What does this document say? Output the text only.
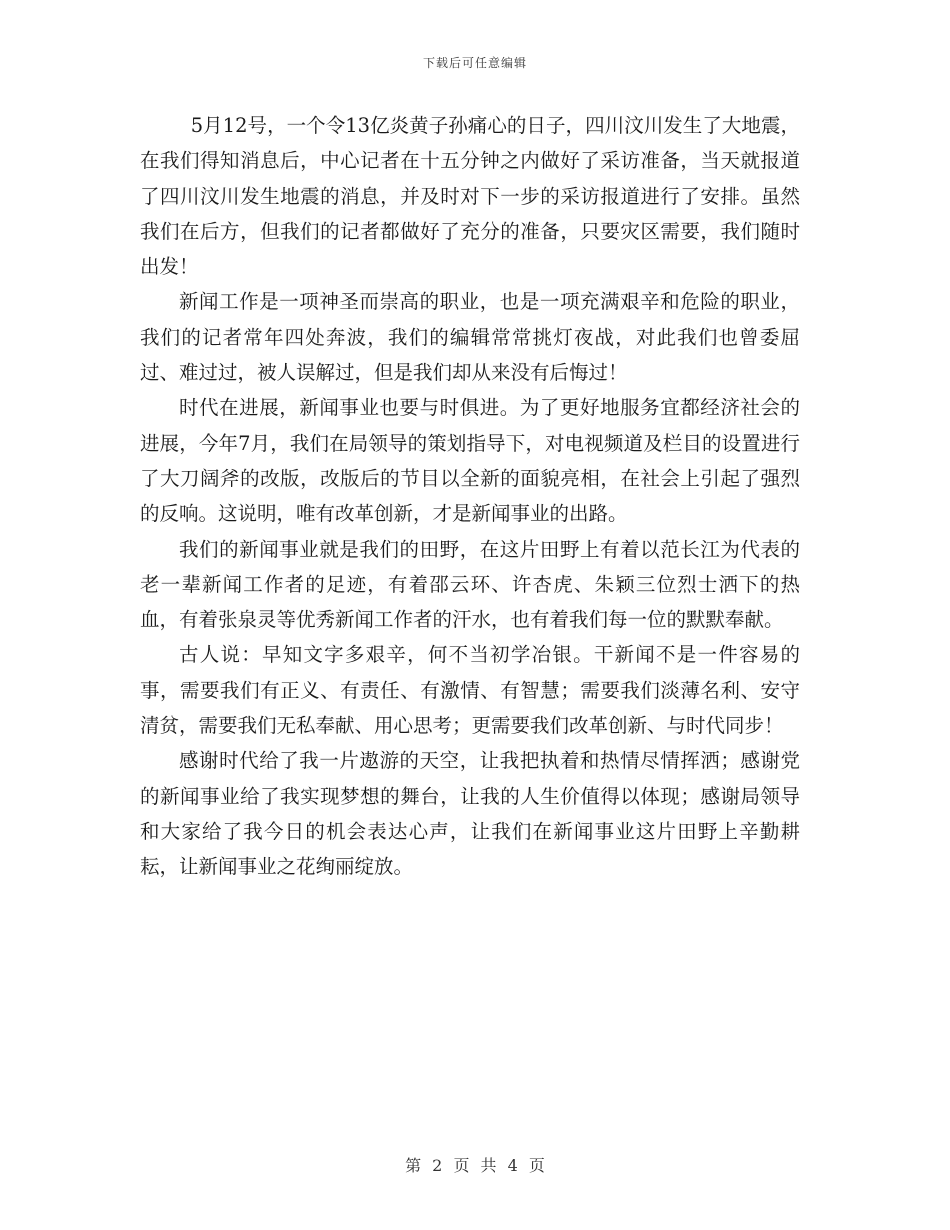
下载后可任意编辑

5月12号，一个令13亿炎黄子孙痛心的日子，四川汶川发生了大地震，在我们得知消息后，中心记者在十五分钟之内做好了采访准备，当天就报道了四川汶川发生地震的消息，并及时对下一步的采访报道进行了安排。虽然我们在后方，但我们的记者都做好了充分的准备，只要灾区需要，我们随时出发！

新闻工作是一项神圣而崇高的职业，也是一项充满艰辛和危险的职业，我们的记者常年四处奔波，我们的编辑常常挑灯夜战，对此我们也曾委屈过、难过过，被人误解过，但是我们却从来没有后悔过！

时代在进展，新闻事业也要与时俱进。为了更好地服务宜都经济社会的进展，今年7月，我们在局领导的策划指导下，对电视频道及栏目的设置进行了大刀阔斧的改版，改版后的节目以全新的面貌亮相，在社会上引起了强烈的反响。这说明，唯有改革创新，才是新闻事业的出路。

我们的新闻事业就是我们的田野，在这片田野上有着以范长江为代表的老一辈新闻工作者的足迹，有着邵云环、许杏虎、朱颖三位烈士洒下的热血，有着张泉灵等优秀新闻工作者的汗水，也有着我们每一位的默默奉献。

古人说：早知文字多艰辛，何不当初学冶银。干新闻不是一件容易的事，需要我们有正义、有责任、有激情、有智慧；需要我们淡薄名利、安守清贫，需要我们无私奉献、用心思考；更需要我们改革创新、与时代同步！

感谢时代给了我一片遨游的天空，让我把执着和热情尽情挥洒；感谢党的新闻事业给了我实现梦想的舞台，让我的人生价值得以体现；感谢局领导和大家给了我今日的机会表达心声，让我们在新闻事业这片田野上辛勤耕耘，让新闻事业之花绚丽绽放。

第 2 页 共 4 页
